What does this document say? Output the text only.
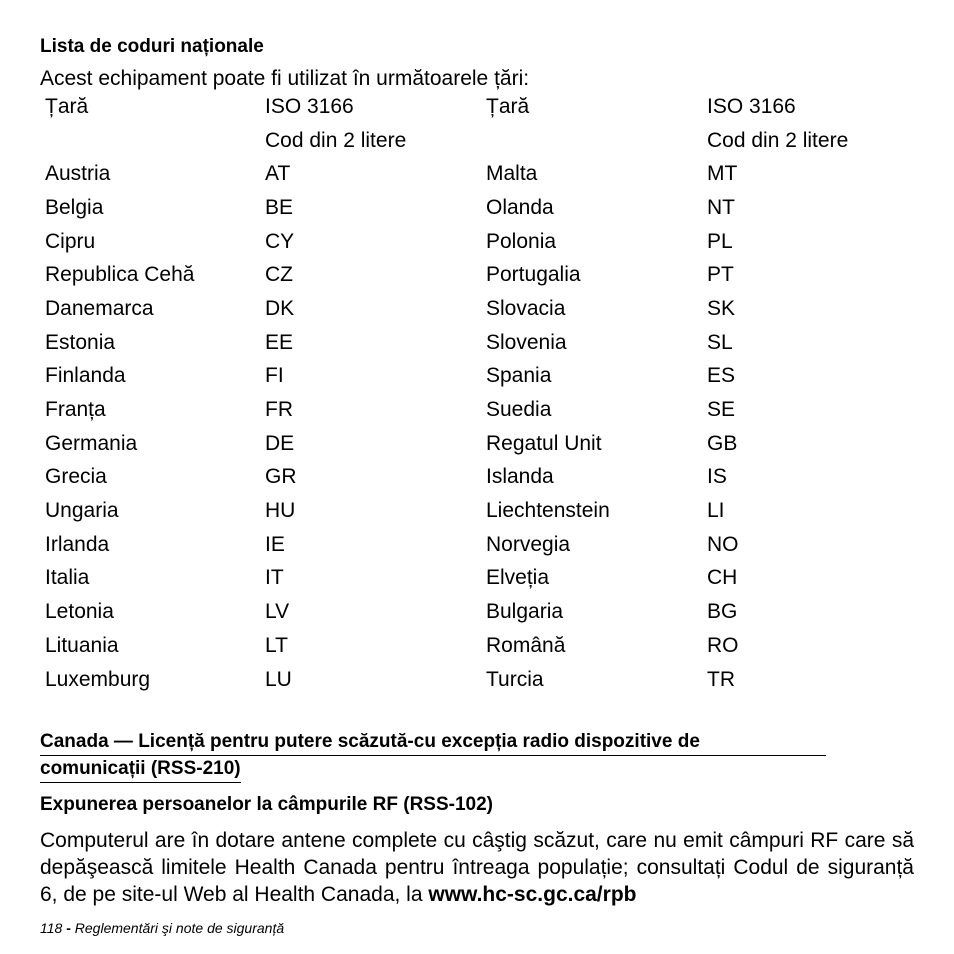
Lista de coduri naționale
Acest echipament poate fi utilizat în următoarele țări:
Țară	ISO 3166	Țară	ISO 3166
	Cod din 2 litere		Cod din 2 litere
Austria	AT	Malta	MT
Belgia	BE	Olanda	NT
Cipru	CY	Polonia	PL
Republica Cehă	CZ	Portugalia	PT
Danemarca	DK	Slovacia	SK
Estonia	EE	Slovenia	SL
Finlanda	FI	Spania	ES
Franța	FR	Suedia	SE
Germania	DE	Regatul Unit	GB
Grecia	GR	Islanda	IS
Ungaria	HU	Liechtenstein	LI
Irlanda	IE	Norvegia	NO
Italia	IT	Elveția	CH
Letonia	LV	Bulgaria	BG
Lituania	LT	Română	RO
Luxemburg	LU	Turcia	TR
Canada — Licență pentru putere scăzută-cu excepția radio dispozitive de
comunicații (RSS-210)
Expunerea persoanelor la câmpurile RF (RSS-102)
Computerul are în dotare antene complete cu câştig scăzut, care nu emit câmpuri RF care să depăşească limitele Health Canada pentru întreaga populație; consultați Codul de siguranță 6, de pe site-ul Web al Health Canada, la www.hc-sc.gc.ca/rpb
118 - Reglementări şi note de siguranță
